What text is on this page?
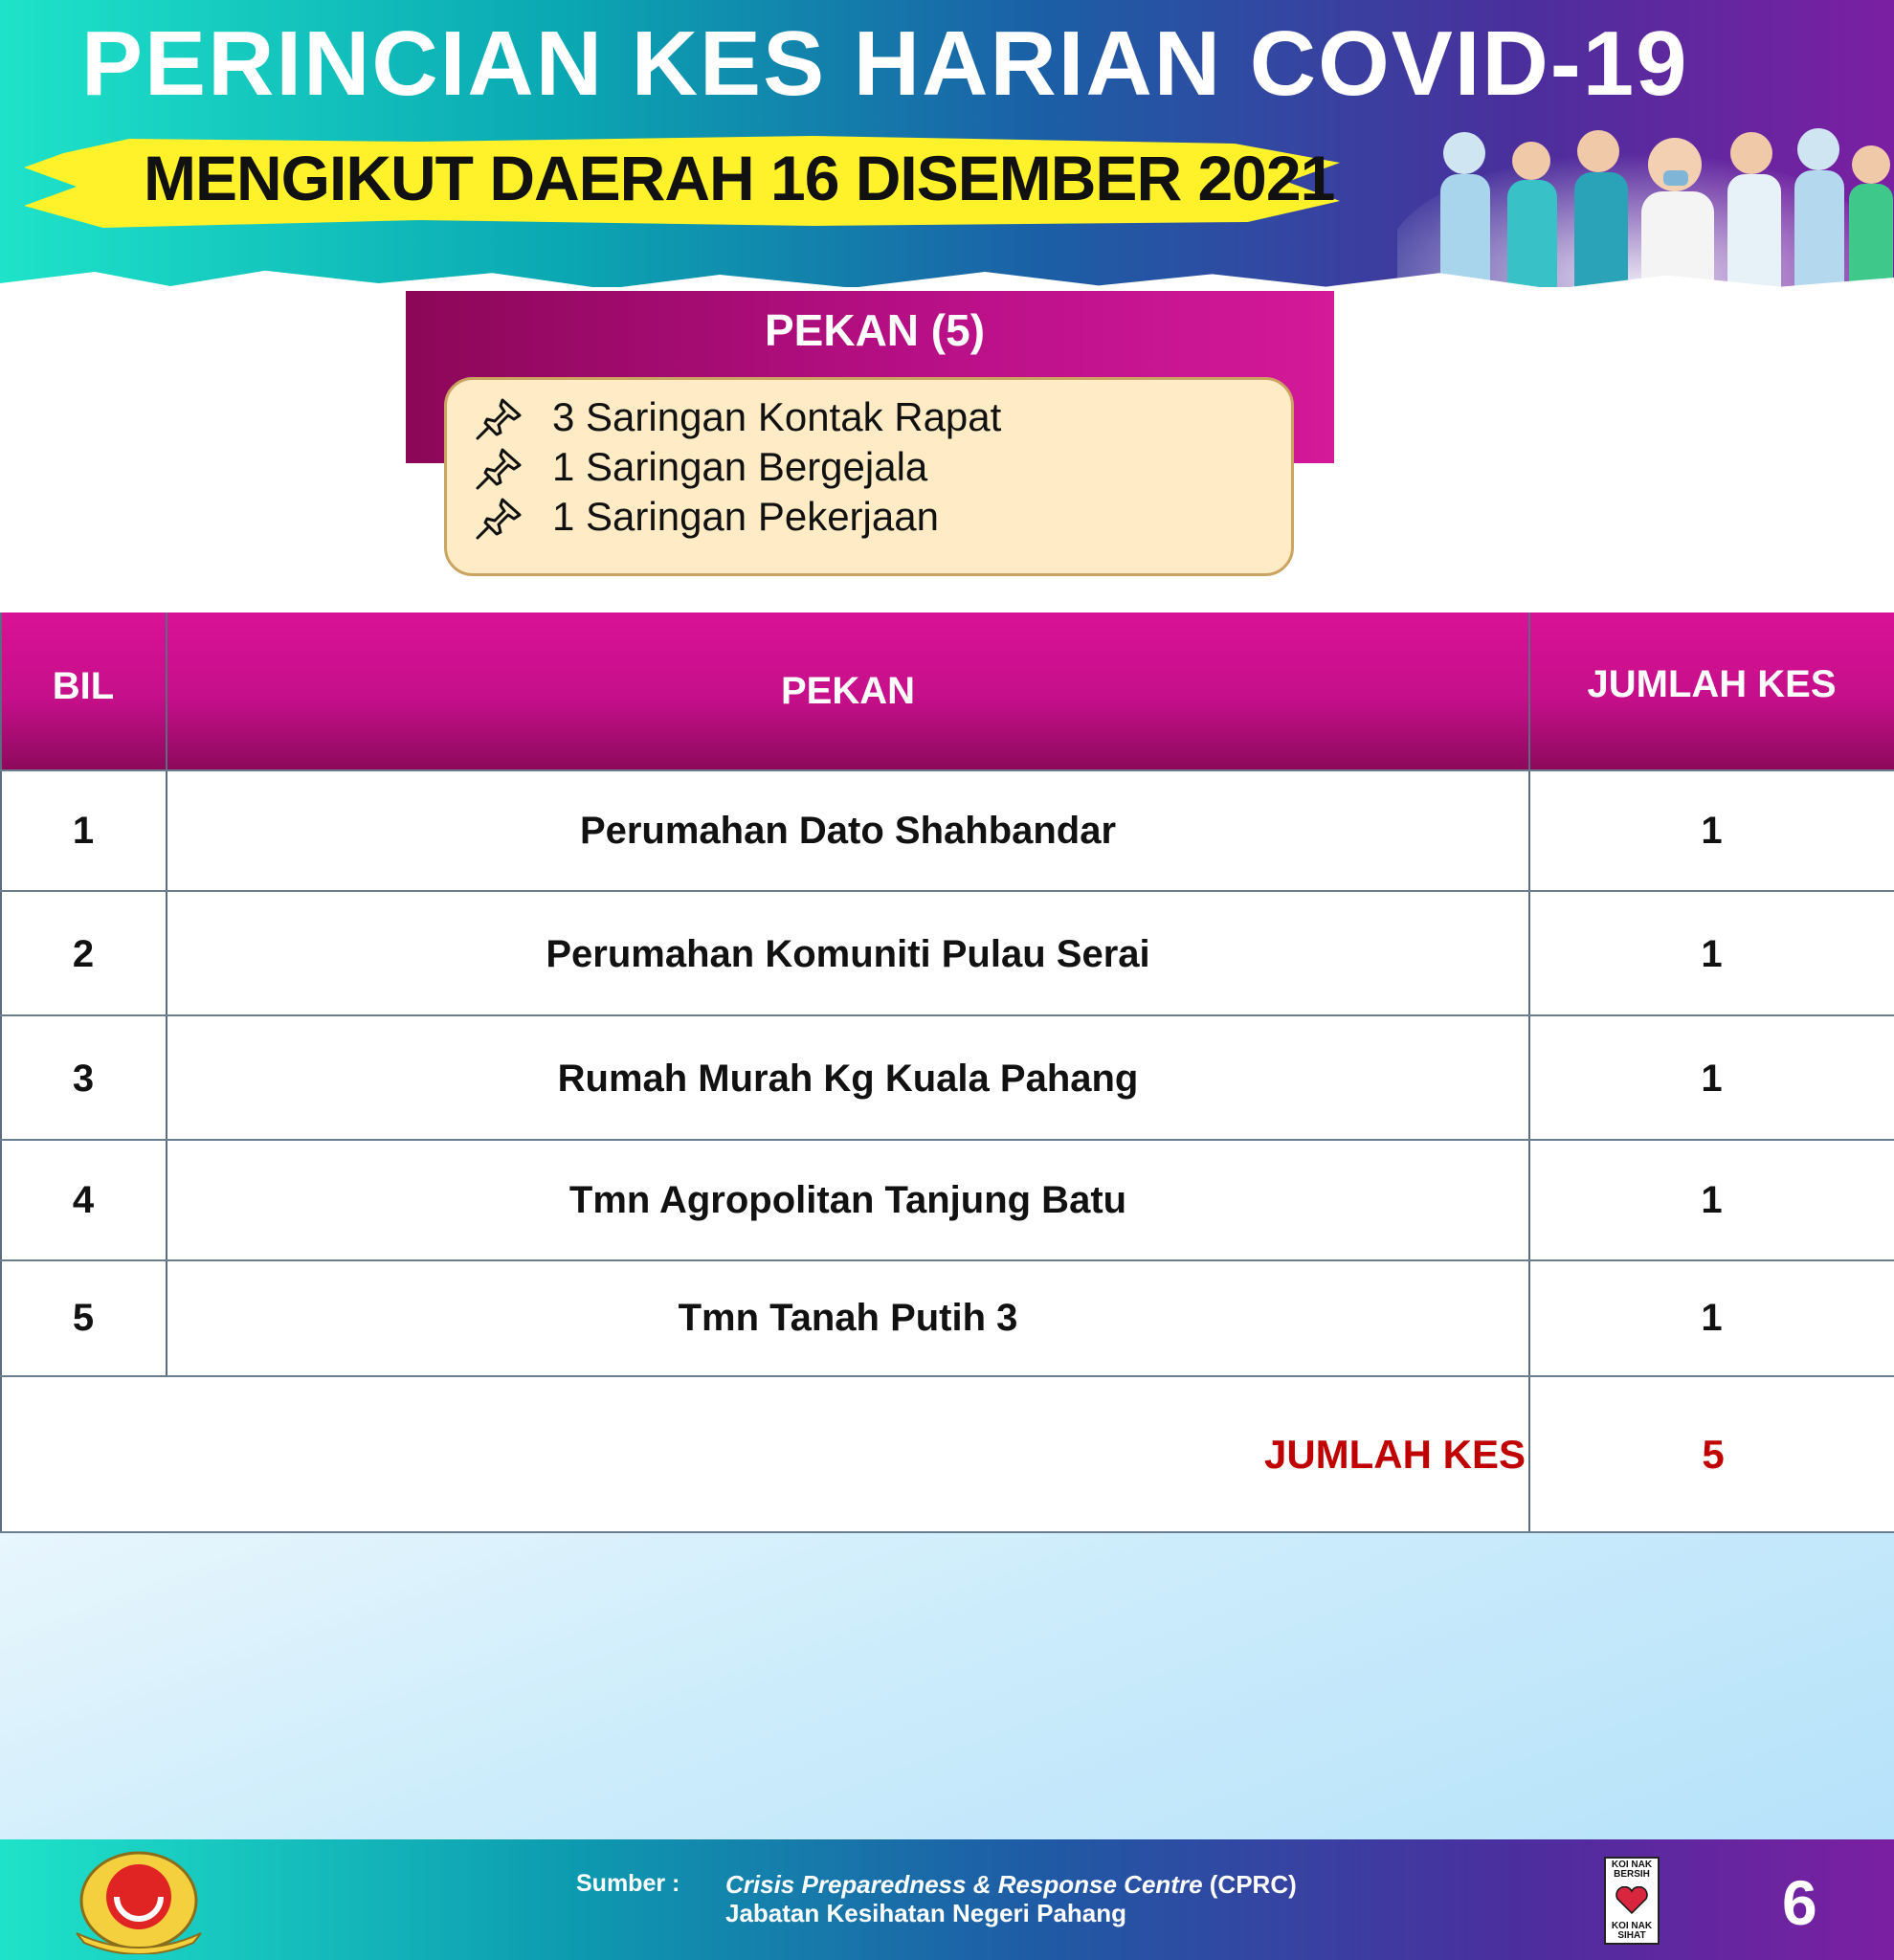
PERINCIAN KES HARIAN COVID-19
MENGIKUT DAERAH 16 DISEMBER 2021
PEKAN (5)
3 Saringan Kontak Rapat
1 Saringan Bergejala
1 Saringan Pekerjaan
BIL	PEKAN	JUMLAH KES
1	Perumahan Dato Shahbandar	1
2	Perumahan Komuniti Pulau Serai	1
3	Rumah Murah Kg Kuala Pahang	1
4	Tmn Agropolitan Tanjung Batu	1
5	Tmn Tanah Putih 3	1
JUMLAH KES	5
Sumber : Crisis Preparedness & Response Centre (CPRC)
Jabatan Kesihatan Negeri Pahang
KOI NAK BERSIH
KOI NAK SIHAT 6
